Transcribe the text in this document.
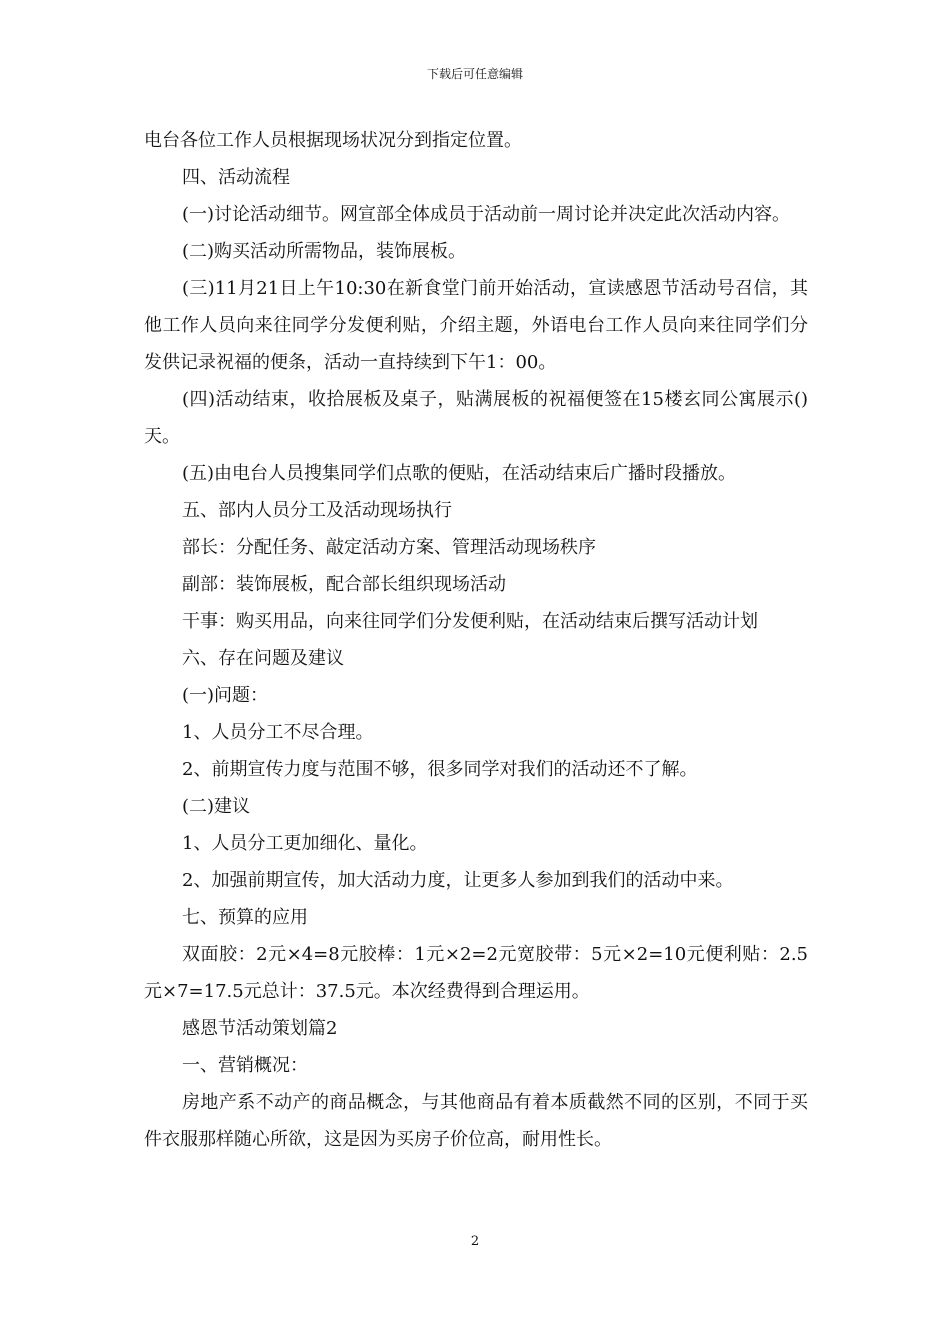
下载后可任意编辑

电台各位工作人员根据现场状况分到指定位置。

四、活动流程

(一)讨论活动细节。网宣部全体成员于活动前一周讨论并决定此次活动内容。

(二)购买活动所需物品，装饰展板。

(三)11月21日上午10:30在新食堂门前开始活动，宣读感恩节活动号召信，其他工作人员向来往同学分发便利贴，介绍主题，外语电台工作人员向来往同学们分发供记录祝福的便条，活动一直持续到下午1：00。

(四)活动结束，收拾展板及桌子，贴满展板的祝福便签在15楼玄同公寓展示()天。

(五)由电台人员搜集同学们点歌的便贴，在活动结束后广播时段播放。

五、部内人员分工及活动现场执行

部长：分配任务、敲定活动方案、管理活动现场秩序

副部：装饰展板，配合部长组织现场活动

干事：购买用品，向来往同学们分发便利贴，在活动结束后撰写活动计划

六、存在问题及建议

(一)问题：

1、人员分工不尽合理。

2、前期宣传力度与范围不够，很多同学对我们的活动还不了解。

(二)建议

1、人员分工更加细化、量化。

2、加强前期宣传，加大活动力度，让更多人参加到我们的活动中来。

七、预算的应用

双面胶：2元×4=8元胶棒：1元×2=2元宽胶带：5元×2=10元便利贴：2.5元×7=17.5元总计：37.5元。本次经费得到合理运用。

感恩节活动策划篇2

一、营销概况：

房地产系不动产的商品概念，与其他商品有着本质截然不同的区别，不同于买件衣服那样随心所欲，这是因为买房子价位高，耐用性长。

2
